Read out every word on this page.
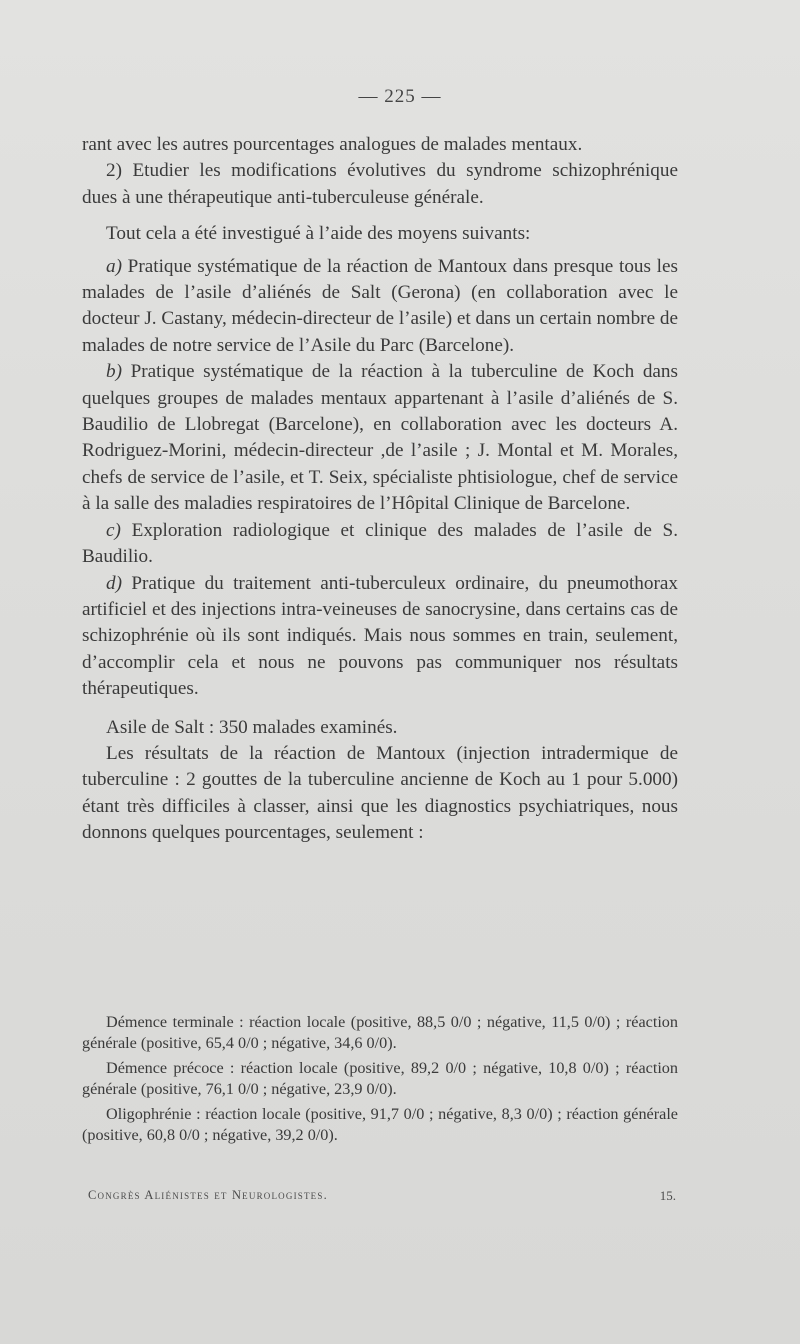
— 225 —

rant avec les autres pourcentages analogues de malades mentaux.

2) Etudier les modifications évolutives du syndrome schizophrénique dues à une thérapeutique anti-tuberculeuse générale.

Tout cela a été investigué à l’aide des moyens suivants:

a) Pratique systématique de la réaction de Mantoux dans presque tous les malades de l’asile d’aliénés de Salt (Gerona) (en collaboration avec le docteur J. Castany, médecin-directeur de l’asile) et dans un certain nombre de malades de notre service de l’Asile du Parc (Barcelone).

b) Pratique systématique de la réaction à la tuberculine de Koch dans quelques groupes de malades mentaux appartenant à l’asile d’aliénés de S. Baudilio de Llobregat (Barcelone), en collaboration avec les docteurs A. Rodriguez-Morini, médecin-directeur ,de l’asile ; J. Montal et M. Morales, chefs de service de l’asile, et T. Seix, spécialiste phtisiologue, chef de service à la salle des maladies respiratoires de l’Hôpital Clinique de Barcelone.

c) Exploration radiologique et clinique des malades de l’asile de S. Baudilio.

d) Pratique du traitement anti-tuberculeux ordinaire, du pneumothorax artificiel et des injections intra-veineuses de sanocrysine, dans certains cas de schizophrénie où ils sont indiqués. Mais nous sommes en train, seulement, d’accomplir cela et nous ne pouvons pas communiquer nos résultats thérapeutiques.

Asile de Salt : 350 malades examinés.

Les résultats de la réaction de Mantoux (injection intradermique de tuberculine : 2 gouttes de la tuberculine ancienne de Koch au 1 pour 5.000) étant très difficiles à classer, ainsi que les diagnostics psychiatriques, nous donnons quelques pourcentages, seulement :

Démence terminale : réaction locale (positive, 88,5 0/0 ; négative, 11,5 0/0) ; réaction générale (positive, 65,4 0/0 ; négative, 34,6 0/0).

Démence précoce : réaction locale (positive, 89,2 0/0 ; négative, 10,8 0/0) ; réaction générale (positive, 76,1 0/0 ; négative, 23,9 0/0).

Oligophrénie : réaction locale (positive, 91,7 0/0 ; négative, 8,3 0/0) ; réaction générale (positive, 60,8 0/0 ; négative, 39,2 0/0).

Congrès Aliénistes et Neurologistes.	15.
